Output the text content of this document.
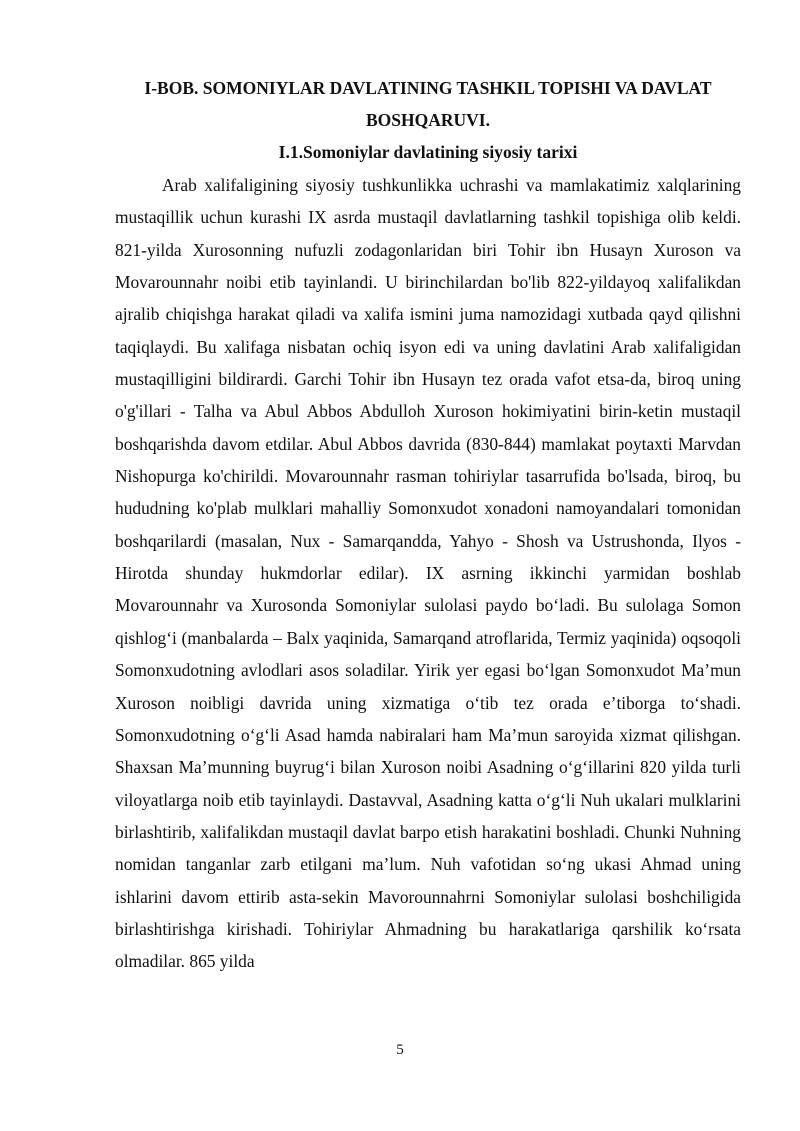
I-BOB. SOMONIYLAR DAVLATINING TASHKIL TOPISHI VA DAVLAT BOSHQARUVI.
I.1.Somoniylar davlatining siyosiy tarixi

Arab xalifaligining siyosiy tushkunlikka uchrashi va mamlakatimiz xalqlarining mustaqillik uchun kurashi IX asrda mustaqil davlatlarning tashkil topishiga olib keldi. 821-yilda Xurosonning nufuzli zodagonlaridan biri Tohir ibn Husayn Xuroson va Movarounnahr noibi etib tayinlandi. U birinchilardan bo'lib 822-yildayoq xalifalikdan ajralib chiqishga harakat qiladi va xalifa ismini juma namozidagi xutbada qayd qilishni taqiqlaydi. Bu xalifaga nisbatan ochiq isyon edi va uning davlatini Arab xalifaligidan mustaqilligini bildirardi. Garchi Tohir ibn Husayn tez orada vafot etsa-da, biroq uning o'g'illari - Talha va Abul Abbos Abdulloh Xuroson hokimiyatini birin-ketin mustaqil boshqarishda davom etdilar. Abul Abbos davrida (830-844) mamlakat poytaxti Marvdan Nishopurga ko'chirildi. Movarounnahr rasman tohiriylar tasarrufida bo'lsada, biroq, bu hududning ko'plab mulklari mahalliy Somonxudot xonadoni namoyandalari tomonidan boshqarilardi (masalan, Nux - Samarqandda, Yahyo - Shosh va Ustrushonda, Ilyos - Hirotda shunday hukmdorlar edilar). IX asrning ikkinchi yarmidan boshlab Movarounnahr va Xurosonda Somoniylar sulolasi paydo boʻladi. Bu sulolaga Somon qishlogʻi (manbalarda – Balx yaqinida, Samarqand atroflarida, Termiz yaqinida) oqsoqoli Somonxudotning avlodlari asos soladilar. Yirik yer egasi boʻlgan Somonxudot Maʼmun Xuroson noibligi davrida uning xizmatiga oʻtib tez orada eʼtiborga toʻshadi. Somonxudotning oʻgʻli Asad hamda nabiralari ham Maʼmun saroyida xizmat qilishgan. Shaxsan Maʼmunning buyrugʻi bilan Xuroson noibi Asadning oʻgʻillarini 820 yilda turli viloyatlarga noib etib tayinlaydi. Dastavval, Asadning katta oʻgʻli Nuh ukalari mulklarini birlashtirib, xalifalikdan mustaqil davlat barpo etish harakatini boshladi. Chunki Nuhning nomidan tanganlar zarb etilgani maʼlum. Nuh vafotidan soʻng ukasi Ahmad uning ishlarini davom ettirib asta-sekin Mavorounnahrni Somoniylar sulolasi boshchiligida birlashtirishga kirishadi. Tohiriylar Ahmadning bu harakatlariga qarshilik koʻrsata olmadilar. 865 yilda

5
